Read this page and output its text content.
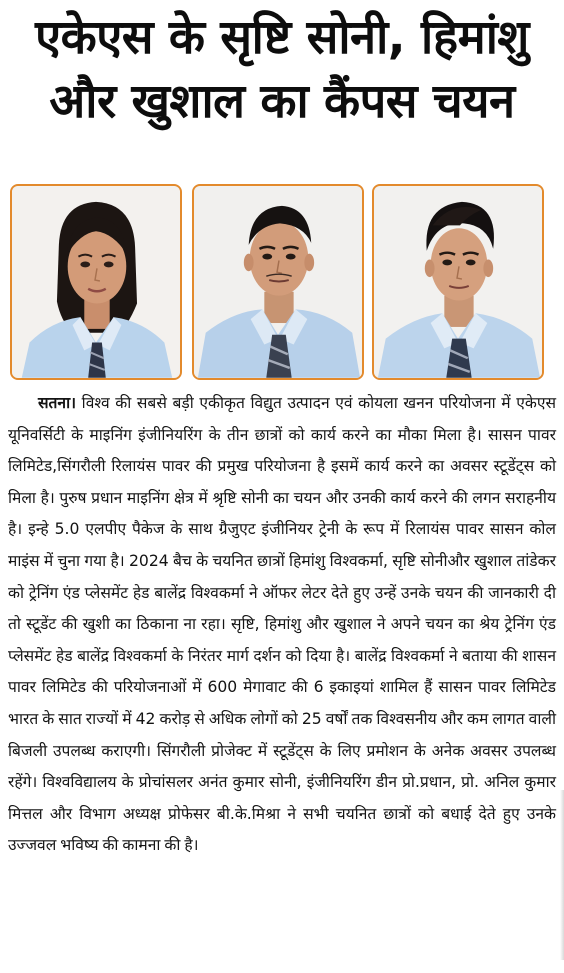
एकेएस के सृष्टि सोनी, हिमांशु
और खुशाल का कैंपस चयन
सतना। विश्व की सबसे बड़ी एकीकृत विद्युत उत्पादन एवं कोयला खनन परियोजना में एकेएस यूनिवर्सिटी के माइनिंग इंजीनियरिंग के तीन छात्रों को कार्य करने का मौका मिला है। सासन पावर लिमिटेड,सिंगरौली रिलायंस पावर की प्रमुख परियोजना है इसमें कार्य करने का अवसर स्टूडेंट्स को मिला है। पुरुष प्रधान माइनिंग क्षेत्र में श्रृष्टि सोनी का चयन और उनकी कार्य करने की लगन सराहनीय है। इन्हे 5.0 एलपीए पैकेज के साथ ग्रैजुएट इंजीनियर ट्रेनी के रूप में रिलायंस पावर सासन कोल माइंस में चुना गया है। 2024 बैच के चयनित छात्रों हिमांशु विश्वकर्मा, सृष्टि सोनीऔर खुशाल तांडेकर को ट्रेनिंग एंड प्लेसमेंट हेड बालेंद्र विश्वकर्मा ने ऑफर लेटर देते हुए उन्हें उनके चयन की जानकारी दी तो स्टूडेंट की खुशी का ठिकाना ना रहा। सृष्टि, हिमांशु और खुशाल ने अपने चयन का श्रेय ट्रेनिंग एंड प्लेसमेंट हेड बालेंद्र विश्वकर्मा के निरंतर मार्ग दर्शन को दिया है। बालेंद्र विश्वकर्मा ने बताया की शासन पावर लिमिटेड की परियोजनाओं में 600 मेगावाट की 6 इकाइयां शामिल हैं सासन पावर लिमिटेड भारत के सात राज्यों में 42 करोड़ से अधिक लोगों को 25 वर्षों तक विश्वसनीय और कम लागत वाली बिजली उपलब्ध कराएगी। सिंगरौली प्रोजेक्ट में स्टूडेंट्स के लिए प्रमोशन के अनेक अवसर उपलब्ध रहेंगे। विश्वविद्यालय के प्रोचांसलर अनंत कुमार सोनी, इंजीनियरिंग डीन प्रो.प्रधान, प्रो. अनिल कुमार मित्तल और विभाग अध्यक्ष प्रोफेसर बी.के.मिश्रा ने सभी चयनित छात्रों को बधाई देते हुए उनके उज्जवल भविष्य की कामना की है।
